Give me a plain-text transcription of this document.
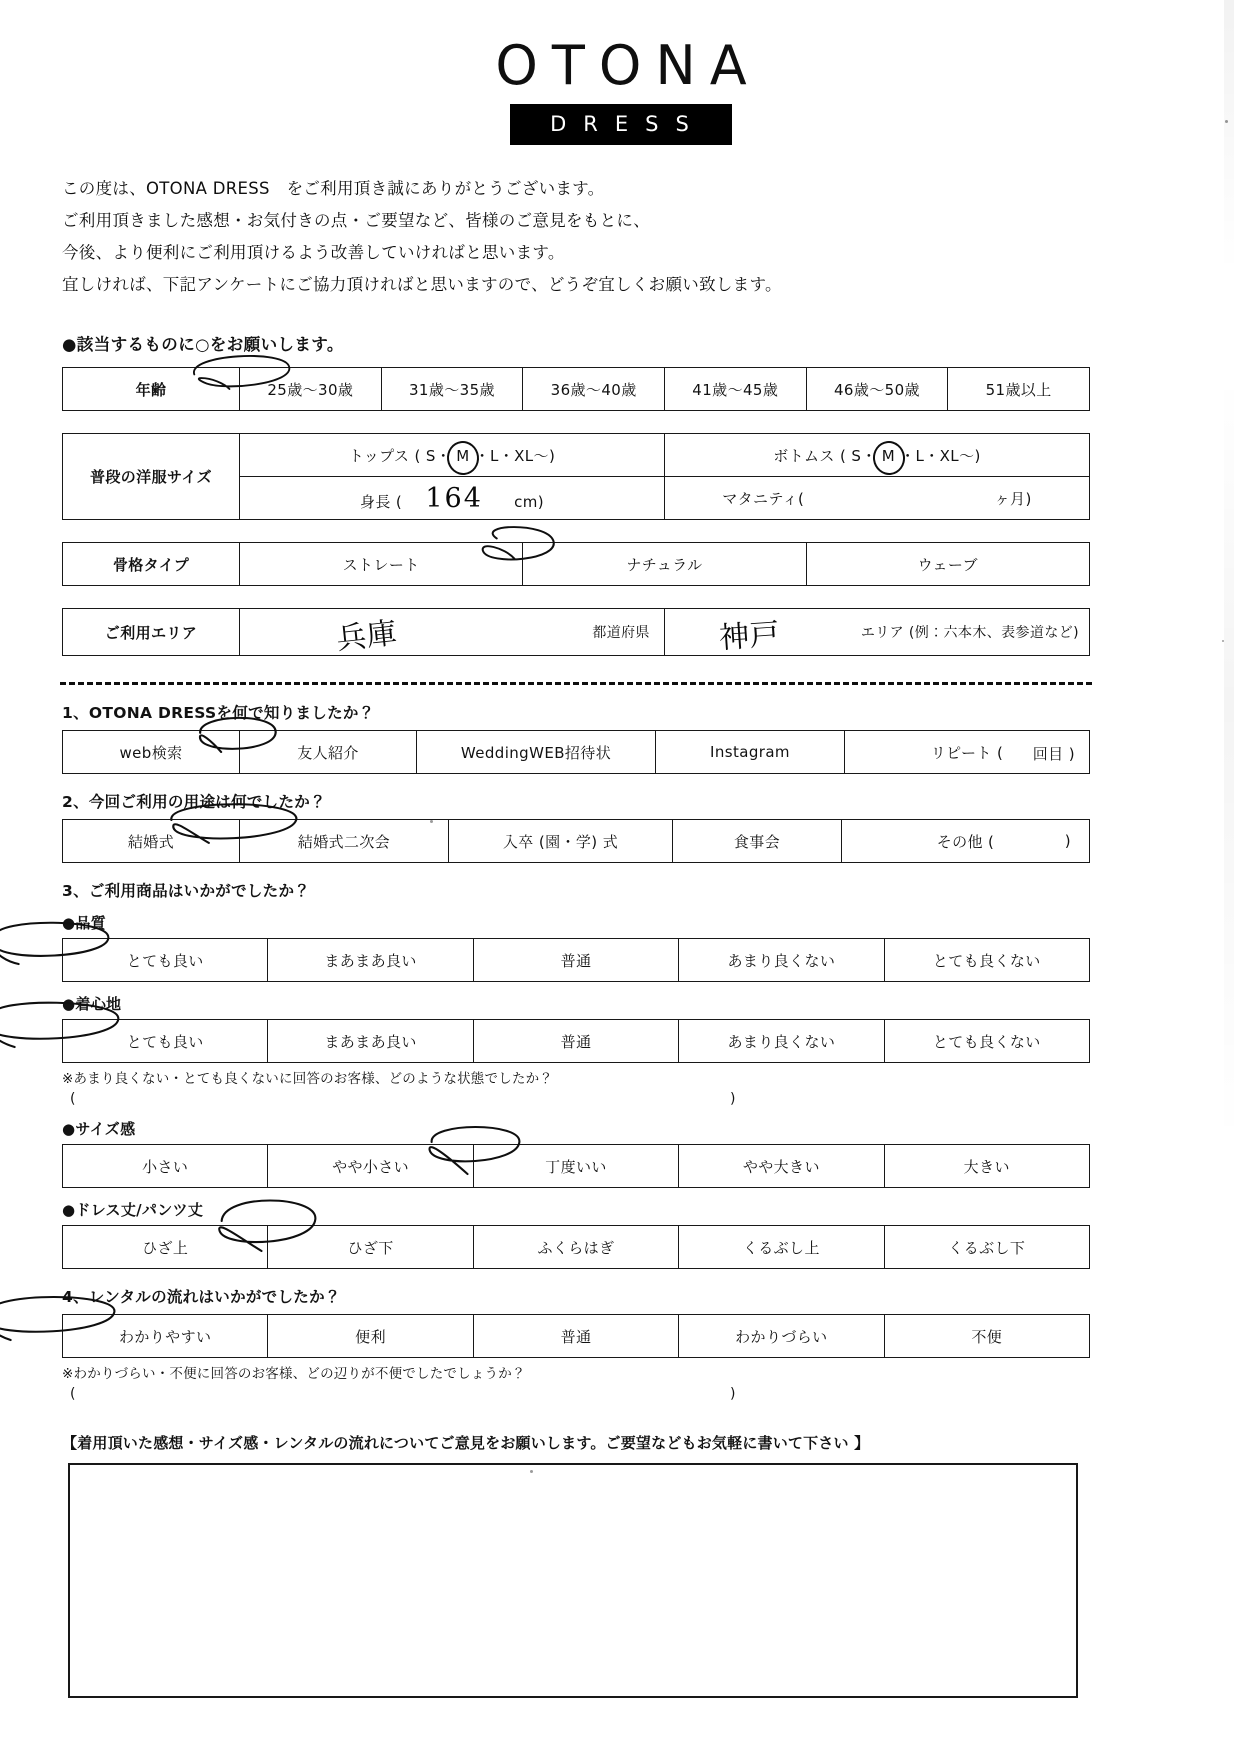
OTONA
DRESS
この度は、OTONA DRESS　をご利用頂き誠にありがとうございます。
ご利用頂きました感想・お気付きの点・ご要望など、皆様のご意見をもとに、
今後、より便利にご利用頂けるよう改善していければと思います。
宜しければ、下記アンケートにご協力頂ければと思いますので、どうぞ宜しくお願い致します。
●該当するものに○をお願いします。
年齢	25歳〜30歳	31歳〜35歳	36歳〜40歳	41歳〜45歳	46歳〜50歳	51歳以上
普段の洋服サイズ	トップス ( S・ M ・L・XL〜)	ボトムス ( S・ M ・L・XL〜)
	身長 ( 164 cm)	マタニティ( ヶ月)
骨格タイプ	ストレート	ナチュラル	ウェーブ
ご利用エリア	兵庫	都道府県	神戸	エリア (例：六本木、表参道など)
1、OTONA DRESSを何で知りましたか？
web検索	友人紹介	WeddingWEB招待状	Instagram	リピート ( 回目 )
2、今回ご利用の用途は何でしたか？
結婚式	結婚式二次会	入卒 (園・学) 式	食事会	その他 (	)
3、ご利用商品はいかがでしたか？
●品質
とても良い	まあまあ良い	普通	あまり良くない	とても良くない
●着心地
とても良い	まあまあ良い	普通	あまり良くない	とても良くない
※あまり良くない・とても良くないに回答のお客様、どのような状態でしたか？
(	)
●サイズ感
小さい	やや小さい	丁度いい	やや大きい	大きい
●ドレス丈/パンツ丈
ひざ上	ひざ下	ふくらはぎ	くるぶし上	くるぶし下
4、レンタルの流れはいかがでしたか？
わかりやすい	便利	普通	わかりづらい	不便
※わかりづらい・不便に回答のお客様、どの辺りが不便でしたでしょうか？
(	)
【着用頂いた感想・サイズ感・レンタルの流れについてご意見をお願いします。ご要望などもお気軽に書いて下さい 】
